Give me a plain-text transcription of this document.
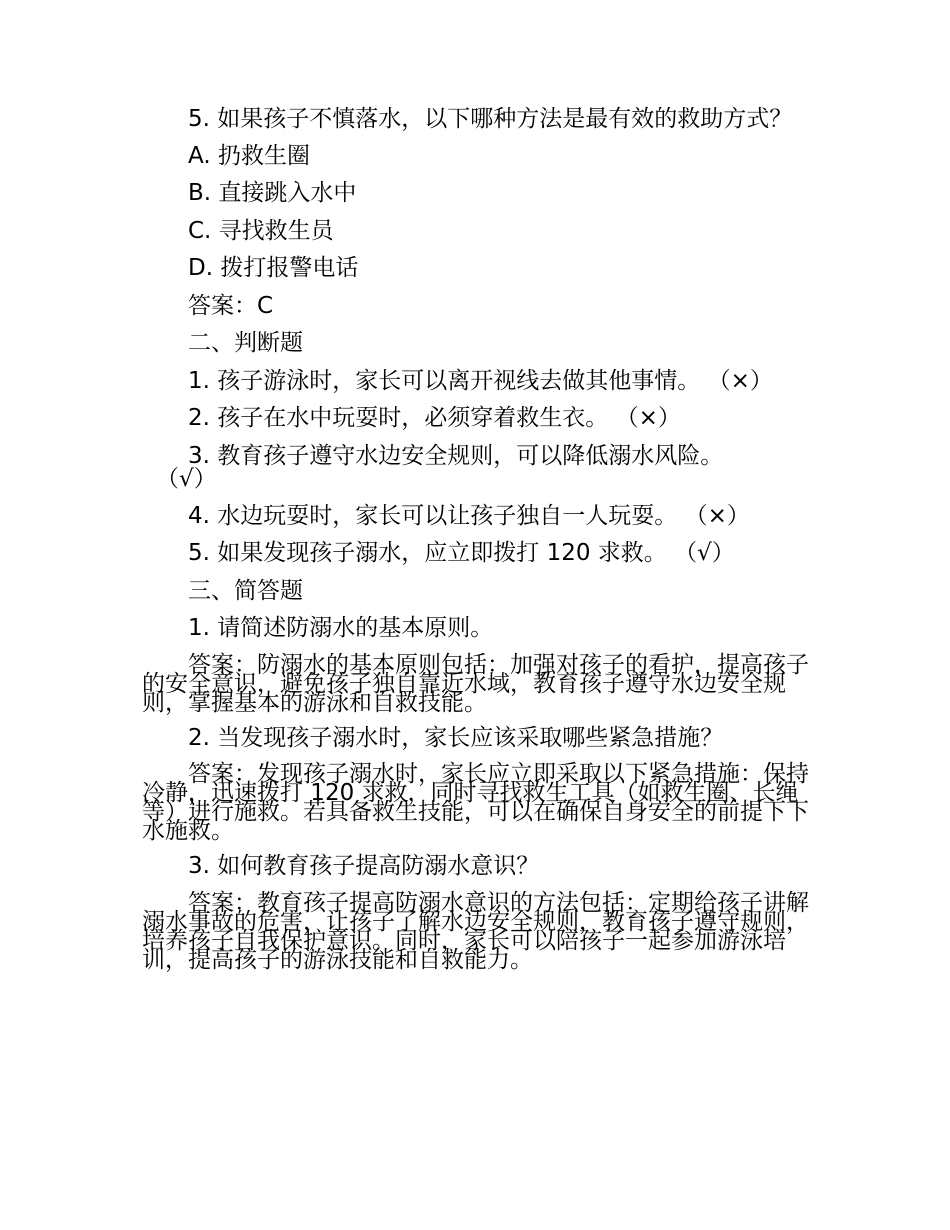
5. 如果孩子不慎落水，以下哪种方法是最有效的救助方式？

A. 扔救生圈

B. 直接跳入水中

C. 寻找救生员

D. 拨打报警电话

答案：C

二、判断题

1. 孩子游泳时，家长可以离开视线去做其他事情。 （×）

2. 孩子在水中玩耍时，必须穿着救生衣。 （×）

3. 教育孩子遵守水边安全规则，可以降低溺水风险。

（√）

4. 水边玩耍时，家长可以让孩子独自一人玩耍。 （×）

5. 如果发现孩子溺水，应立即拨打 120 求救。 （√）

三、简答题

1. 请简述防溺水的基本原则。

答案：防溺水的基本原则包括：加强对孩子的看护，提高孩子的安全意识，避免孩子独自靠近水域，教育孩子遵守水边安全规则，掌握基本的游泳和自救技能。

2. 当发现孩子溺水时，家长应该采取哪些紧急措施？

答案：发现孩子溺水时，家长应立即采取以下紧急措施：保持冷静，迅速拨打 120 求救，同时寻找救生工具（如救生圈、长绳等）进行施救。若具备救生技能，可以在确保自身安全的前提下下水施救。

3. 如何教育孩子提高防溺水意识？

答案：教育孩子提高防溺水意识的方法包括：定期给孩子讲解溺水事故的危害，让孩子了解水边安全规则，教育孩子遵守规则，培养孩子自我保护意识。同时，家长可以陪孩子一起参加游泳培训，提高孩子的游泳技能和自救能力。
